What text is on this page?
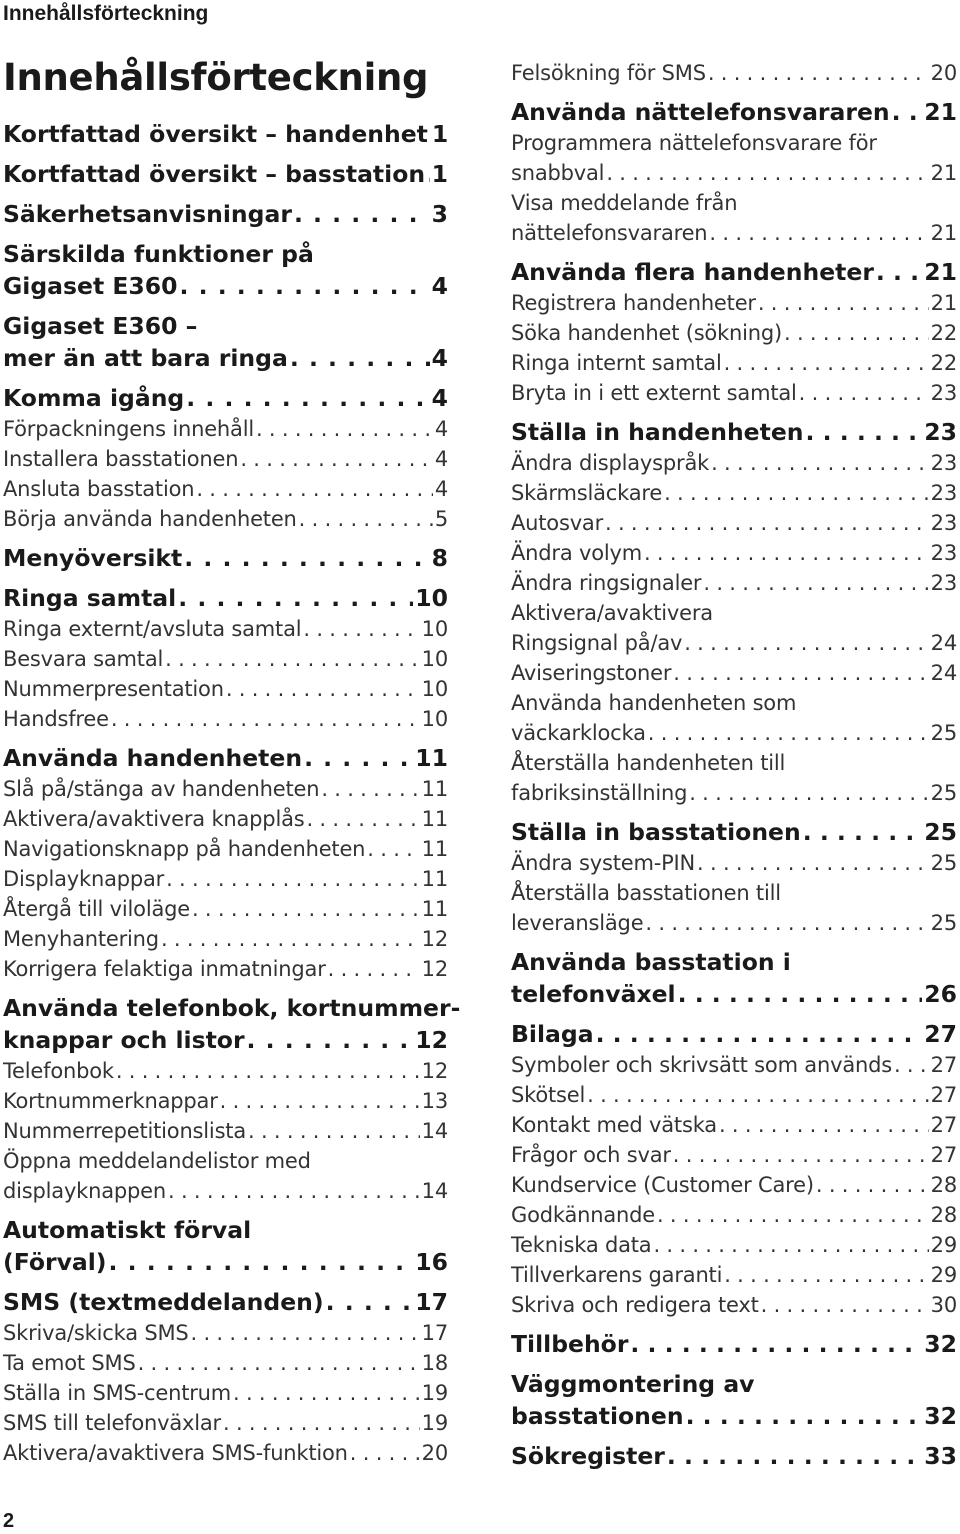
Innehållsförteckning
Innehållsförteckning
Kortfattad översikt – handenhet 1
Kortfattad översikt – basstation . . . 1
Säkerhetsanvisningar . . .	3
Särskilda funktioner på
Gigaset E360 . . .	4
Gigaset E360 –
mer än att bara ringa . . .	4
Komma igång . . .	4
Förpackningens innehåll . . .	4
Installera basstationen . . .	4
Ansluta basstation . . .	4
Börja använda handenheten . . .	5
Menyöversikt . . .	8
Ringa samtal . . .	10
Ringa externt/avsluta samtal . . .	10
Besvara samtal . . .	10
Nummerpresentation . . .	10
Handsfree . . .	10
Använda handenheten . . .	11
Slå på/stänga av handenheten . . .	11
Aktivera/avaktivera knapplås . . .	11
Navigationsknapp på handenheten . . .	11
Displayknappar . . .	11
Återgå till viloläge . . .	11
Menyhantering . . .	12
Korrigera felaktiga inmatningar . . .	12
Använda telefonbok, kortnummer-
knappar och listor . . .	12
Telefonbok . . .	12
Kortnummerknappar . . .	13
Nummerrepetitionslista . . .	14
Öppna meddelandelistor med
displayknappen . . .	14
Automatiskt förval
(Förval) . . .	16
SMS (textmeddelanden) . . .	17
Skriva/skicka SMS . . .	17
Ta emot SMS . . .	18
Ställa in SMS-centrum . . .	19
SMS till telefonväxlar . . .	19
Aktivera/avaktivera SMS-funktion . . .	20
Felsökning för SMS . . .	20
Använda nättelefonsvararen . . . 21
Programmera nättelefonsvarare för
snabbval . . .	21
Visa meddelande från
nättelefonsvararen . . .	21
Använda flera handenheter . . . 21
Registrera handenheter . . .	21
Söka handenhet (sökning) . . .	22
Ringa internt samtal . . .	22
Bryta in i ett externt samtal . . .	23
Ställa in handenheten . . .	23
Ändra displayspråk . . .	23
Skärmsläckare . . .	23
Autosvar . . .	23
Ändra volym . . .	23
Ändra ringsignaler . . .	23
Aktivera/avaktivera
Ringsignal på/av . . .	24
Aviseringstoner . . .	24
Använda handenheten som
väckarklocka . . .	25
Återställa handenheten till
fabriksinställning . . .	25
Ställa in basstationen . . .	25
Ändra system-PIN . . .	25
Återställa basstationen till
leveransläge . . .	25
Använda basstation i
telefonväxel . . .	26
Bilaga . . .	27
Symboler och skrivsätt som används . . . 27
Skötsel . . .	27
Kontakt med vätska . . .	27
Frågor och svar . . .	27
Kundservice (Customer Care) . . .	28
Godkännande . . .	28
Tekniska data . . .	29
Tillverkarens garanti . . .	29
Skriva och redigera text . . .	30
Tillbehör . . .	32
Väggmontering av
basstationen . . .	32
Sökregister . . .	33
2
